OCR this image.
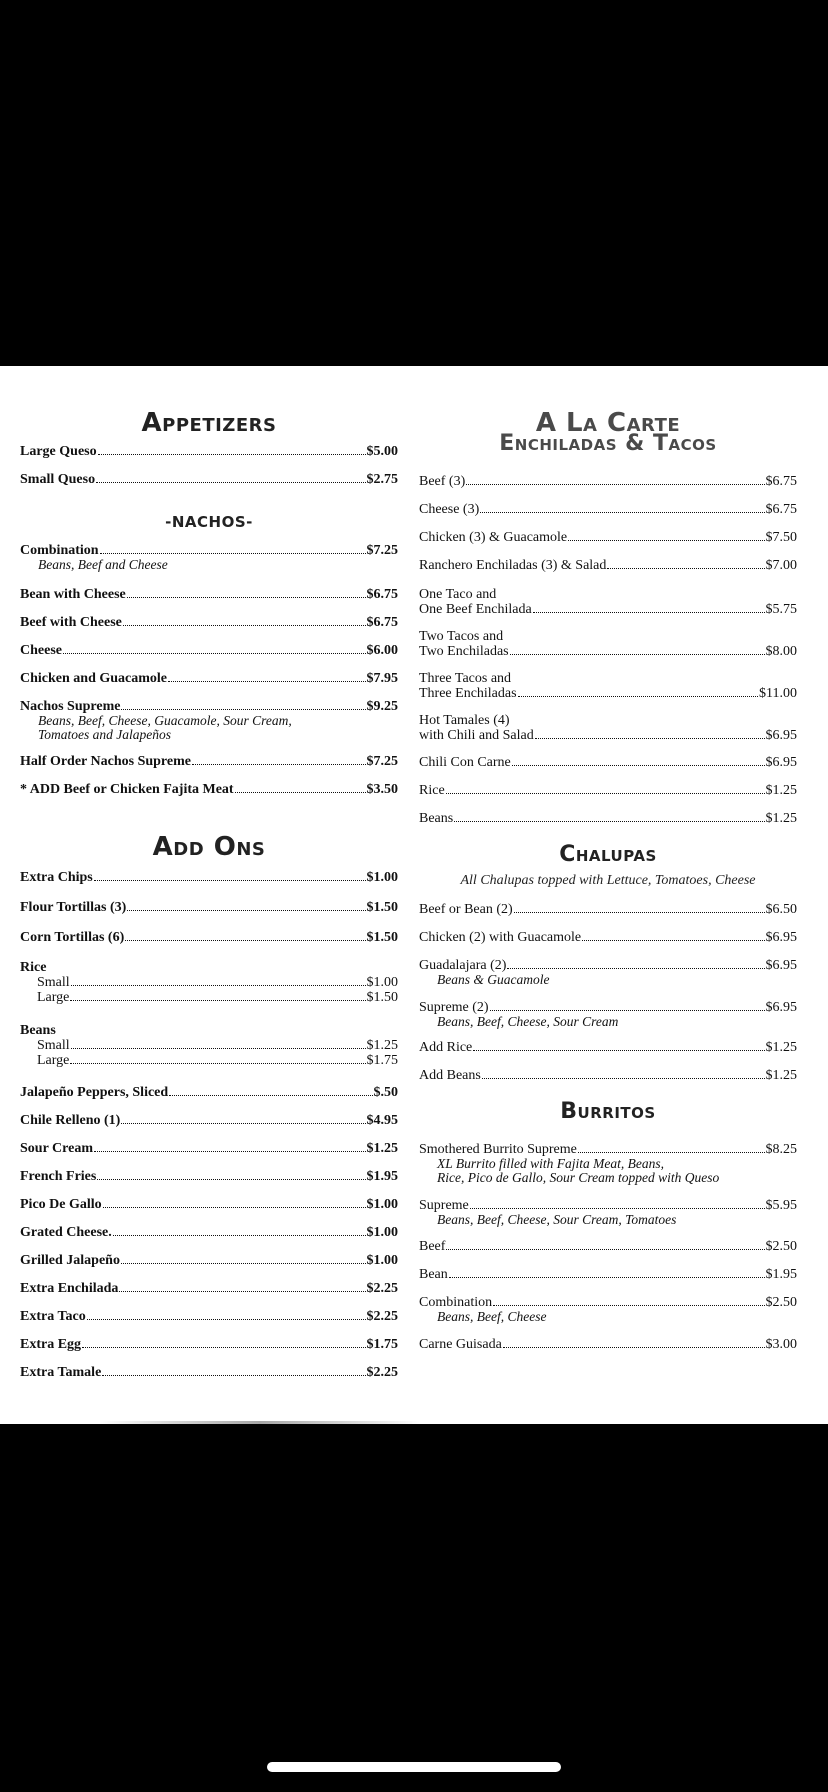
Appetizers
Large Queso	$5.00
Small Queso	$2.75
-NACHOS-
Combination	$7.25
Beans, Beef and Cheese
Bean with Cheese	$6.75
Beef with Cheese	$6.75
Cheese	$6.00
Chicken and Guacamole	$7.95
Nachos Supreme	$9.25
Beans, Beef, Cheese, Guacamole, Sour Cream,
Tomatoes and Jalapeños
Half Order Nachos Supreme	$7.25
* ADD Beef or Chicken Fajita Meat	$3.50
Add Ons
Extra Chips	$1.00
Flour Tortillas (3)	$1.50
Corn Tortillas (6)	$1.50
Rice
Small	$1.00
Large	$1.50
Beans
Small	$1.25
Large	$1.75
Jalapeño Peppers, Sliced	$.50
Chile Relleno (1)	$4.95
Sour Cream	$1.25
French Fries	$1.95
Pico De Gallo	$1.00
Grated Cheese.	$1.00
Grilled Jalapeño	$1.00
Extra Enchilada	$2.25
Extra Taco	$2.25
Extra Egg	$1.75
Extra Tamale	$2.25
A La Carte
Enchiladas & Tacos
Beef (3)	$6.75
Cheese (3)	$6.75
Chicken (3) & Guacamole	$7.50
Ranchero Enchiladas (3) & Salad	$7.00
One Taco and
One Beef Enchilada	$5.75
Two Tacos and
Two Enchiladas	$8.00
Three Tacos and
Three Enchiladas	$11.00
Hot Tamales (4)
with Chili and Salad	$6.95
Chili Con Carne	$6.95
Rice	$1.25
Beans	$1.25
Chalupas

All Chalupas topped with Lettuce, Tomatoes, Cheese

Beef or Bean (2)	$6.50
Chicken (2) with Guacamole	$6.95
Guadalajara (2)	$6.95
Beans & Guacamole
Supreme (2)	$6.95
Beans, Beef, Cheese, Sour Cream
Add Rice	$1.25
Add Beans	$1.25
Burritos
Smothered Burrito Supreme	$8.25
XL Burrito filled with Fajita Meat, Beans,
Rice, Pico de Gallo, Sour Cream topped with Queso
Supreme	$5.95
Beans, Beef, Cheese, Sour Cream, Tomatoes
Beef	$2.50
Bean	$1.95
Combination	$2.50
Beans, Beef, Cheese
Carne Guisada	$3.00
